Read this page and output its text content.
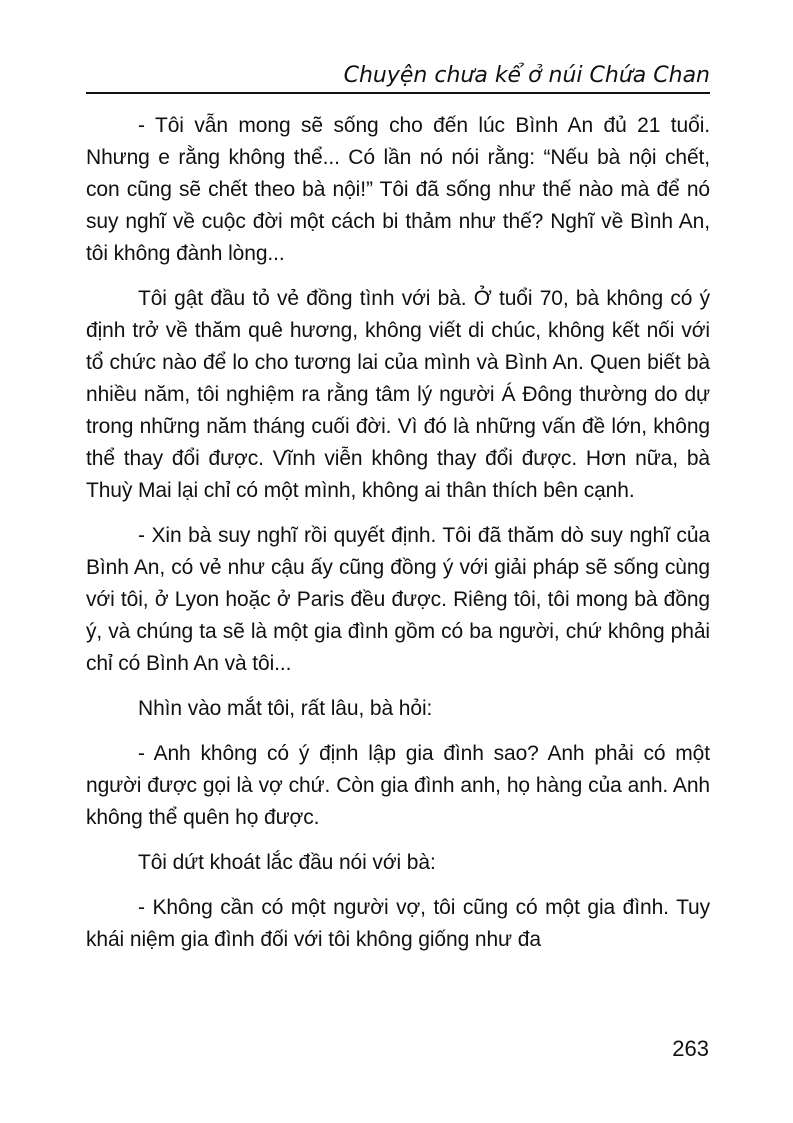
Chuyện chưa kể ở núi Chứa Chan

- Tôi vẫn mong sẽ sống cho đến lúc Bình An đủ 21 tuổi. Nhưng e rằng không thể... Có lần nó nói rằng: “Nếu bà nội chết, con cũng sẽ chết theo bà nội!” Tôi đã sống như thế nào mà để nó suy nghĩ về cuộc đời một cách bi thảm như thế? Nghĩ về Bình An, tôi không đành lòng...

Tôi gật đầu tỏ vẻ đồng tình với bà. Ở tuổi 70, bà không có ý định trở về thăm quê hương, không viết di chúc, không kết nối với tổ chức nào để lo cho tương lai của mình và Bình An. Quen biết bà nhiều năm, tôi nghiệm ra rằng tâm lý người Á Đông thường do dự trong những năm tháng cuối đời. Vì đó là những vấn đề lớn, không thể thay đổi được. Vĩnh viễn không thay đổi được. Hơn nữa, bà Thuỳ Mai lại chỉ có một mình, không ai thân thích bên cạnh.

- Xin bà suy nghĩ rồi quyết định. Tôi đã thăm dò suy nghĩ của Bình An, có vẻ như cậu ấy cũng đồng ý với giải pháp sẽ sống cùng với tôi, ở Lyon hoặc ở Paris đều được. Riêng tôi, tôi mong bà đồng ý, và chúng ta sẽ là một gia đình gồm có ba người, chứ không phải chỉ có Bình An và tôi...

Nhìn vào mắt tôi, rất lâu, bà hỏi:

- Anh không có ý định lập gia đình sao? Anh phải có một người được gọi là vợ chứ. Còn gia đình anh, họ hàng của anh. Anh không thể quên họ được.

Tôi dứt khoát lắc đầu nói với bà:

- Không cần có một người vợ, tôi cũng có một gia đình. Tuy khái niệm gia đình đối với tôi không giống như đa

263
